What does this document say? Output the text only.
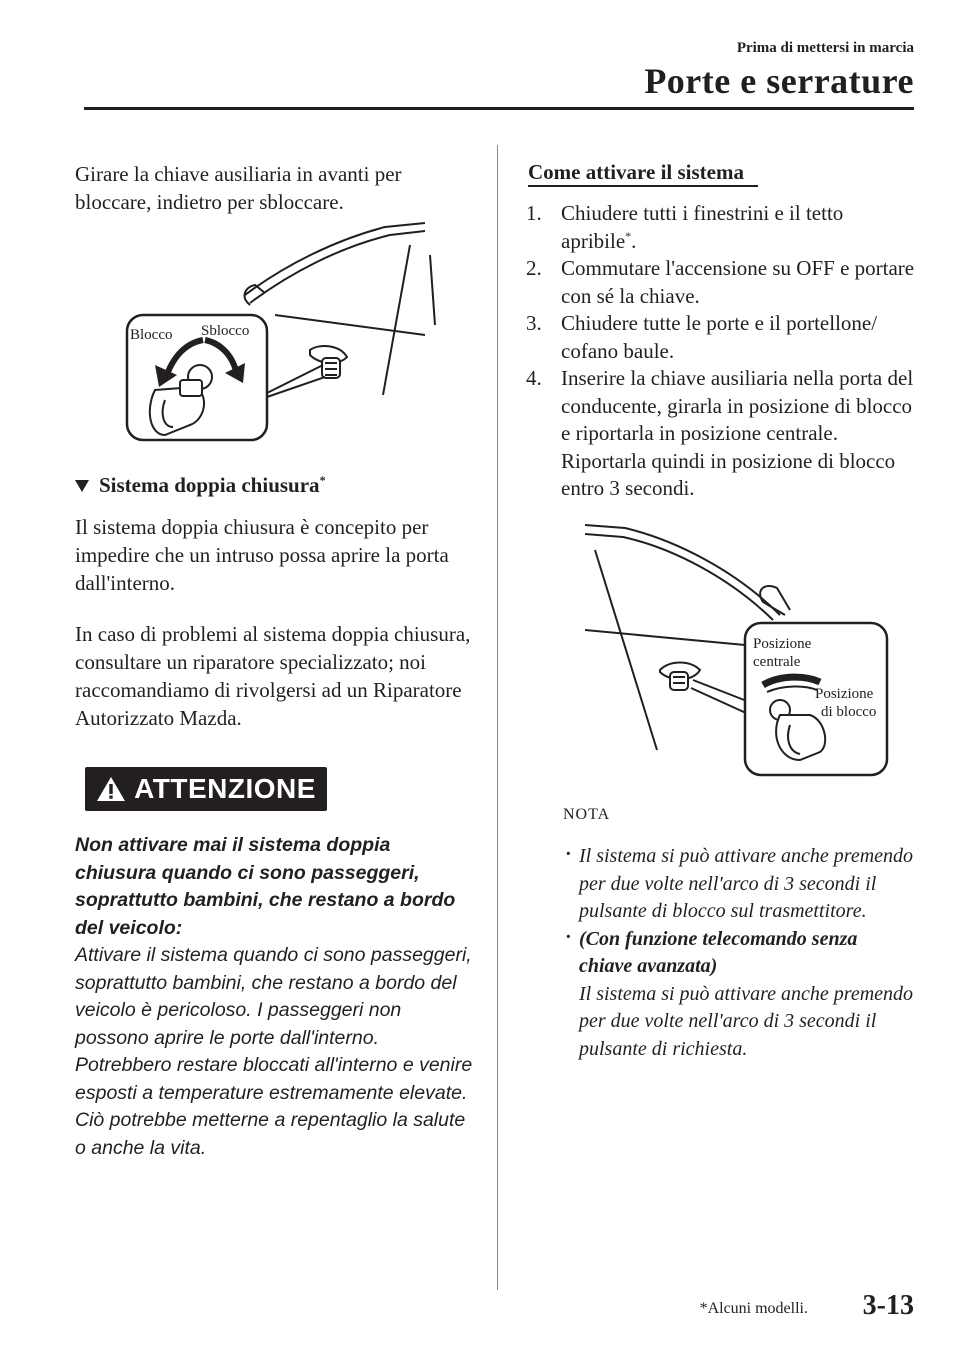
Prima di mettersi in marcia
Porte e serrature

Girare la chiave ausiliaria in avanti per bloccare, indietro per sbloccare.

Blocco Sblocco
Sistema doppia chiusura*

Il sistema doppia chiusura è concepito per impedire che un intruso possa aprire la porta dall'interno.

In caso di problemi al sistema doppia chiusura, consultare un riparatore specializzato; noi raccomandiamo di rivolgersi ad un Riparatore Autorizzato Mazda.

ATTENZIONE

Non attivare mai il sistema doppia chiusura quando ci sono passeggeri, soprattutto bambini, che restano a bordo del veicolo:
Attivare il sistema quando ci sono passeggeri, soprattutto bambini, che restano a bordo del veicolo è pericoloso. I passeggeri non possono aprire le porte dall'interno. Potrebbero restare bloccati all'interno e venire esposti a temperature estremamente elevate. Ciò potrebbe metterne a repentaglio la salute o anche la vita.

Come attivare il sistema
1. Chiudere tutti i finestrini e il tetto apribile*.
2. Commutare l'accensione su OFF e portare con sé la chiave.
3. Chiudere tutte le porte e il portellone/ cofano baule.
4. Inserire la chiave ausiliaria nella porta del conducente, girarla in posizione di blocco e riportarla in posizione centrale. Riportarla quindi in posizione di blocco entro 3 secondi.
Posizione
centrale
Posizione
di blocco
NOTA
· Il sistema si può attivare anche premendo per due volte nell'arco di 3 secondi il pulsante di blocco sul trasmettitore.
· (Con funzione telecomando senza chiave avanzata)
Il sistema si può attivare anche premendo per due volte nell'arco di 3 secondi il pulsante di richiesta.
*Alcuni modelli. 3-13
